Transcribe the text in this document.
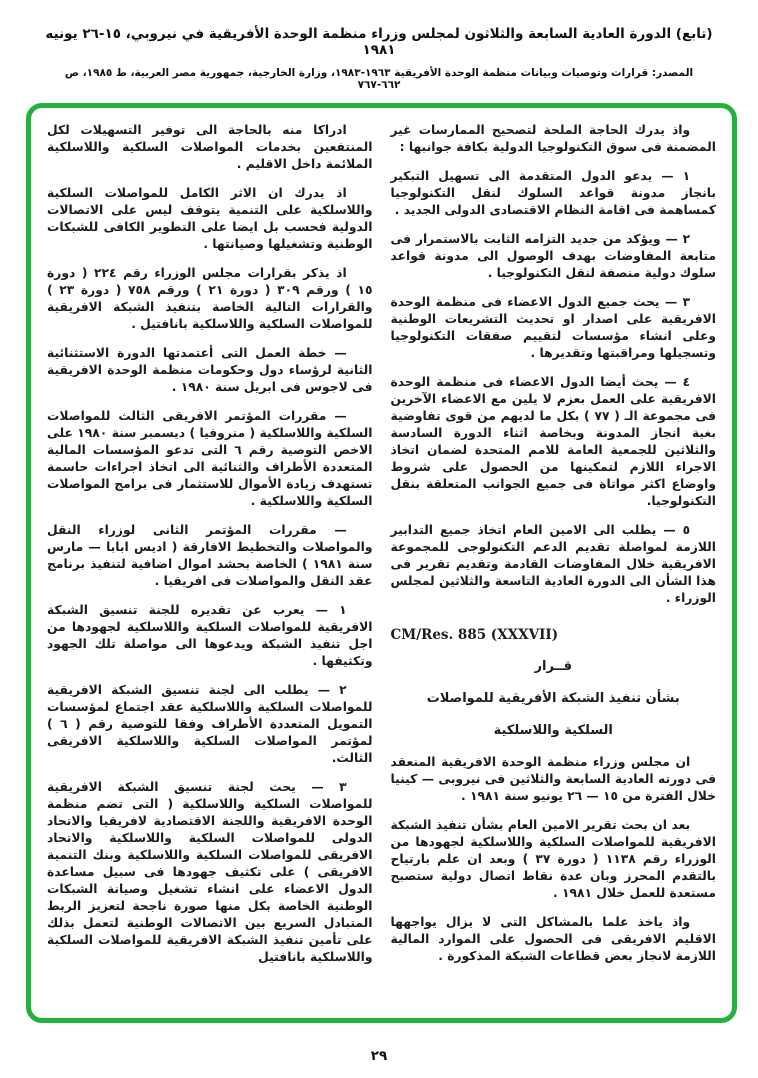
(تابع) الدورة العادية السابعة والثلاثون لمجلس وزراء منظمة الوحدة الأفريقية في نيروبي، ١٥-٢٦ يونيه ١٩٨١
المصدر: قرارات وتوصيات وبيانات منظمة الوحدة الأفريقية ١٩٦٣-١٩٨٣، وزارة الخارجية، جمهورية مصر العربية، ط ١٩٨٥، ص ٦٦٢-٧٦٧

واذ يدرك الحاجة الملحة لتصحيح الممارسات غير المضمنة فى سوق التكنولوجيا الدولية بكافة جوانبها :

١ — يدعو الدول المتقدمة الى تسهيل التبكير بانجاز مدونة قواعد السلوك لنقل التكنولوجيا كمساهمة فى اقامة النظام الاقتصادى الدولى الجديد .

٢ — ويؤكد من جديد التزامه الثابت بالاستمرار فى متابعة المفاوضات بهدف الوصول الى مدونة قواعد سلوك دولية منصفة لنقل التكنولوجيا .

٣ — يحث جميع الدول الاعضاء فى منظمة الوحدة الافريقية على اصدار او تحديث التشريعات الوطنية وعلى انشاء مؤسسات لتقييم صفقات التكنولوجيا وتسجيلها ومراقبتها وتقديرها .

٤ — يحث أيضا الدول الاعضاء فى منظمة الوحدة الافريقية على العمل بعزم لا يلين مع الاعضاء الآخرين فى مجموعة الـ ( ٧٧ ) بكل ما لديهم من قوى تفاوضية بغية انجاز المدونة وبخاصة اثناء الدورة السادسة والثلاثين للجمعية العامة للامم المتحدة لضمان اتخاذ الاجراء اللازم لتمكينها من الحصول على شروط واوضاع اكثر مواتاة فى جميع الجوانب المتعلقة بنقل التكنولوجيا.

٥ — يطلب الى الامين العام اتخاذ جميع التدابير اللازمة لمواصلة تقديم الدعم التكنولوجى للمجموعة الافريقية خلال المفاوضات القادمة وتقديم تقرير فى هذا الشأن الى الدورة العادية التاسعة والثلاثين لمجلس الوزراء .

CM/Res. 885 (XXXVII)

قــرار

بشأن تنفيذ الشبكة الأفريقية للمواصلات

السلكية واللاسلكية

ان مجلس وزراء منظمة الوحدة الافريقية المنعقد فى دورته العادية السابعة والثلاثين فى نيروبى — كينيا خلال الفترة من ١٥ — ٢٦ يونيو سنة ١٩٨١ .

بعد ان بحث تقرير الامين العام بشأن تنفيذ الشبكة الافريقية للمواصلات السلكية واللاسلكية لجهودها من الوزراء رقم ١١٣٨ ( دورة ٣٧ ) وبعد ان علم بارتياح بالتقدم المحرز وبان عدة نقاط اتصال دولية ستصبح مستعدة للعمل خلال ١٩٨١ .

واذ ياخذ علما بالمشاكل التى لا يزال يواجهها الاقليم الافريقى فى الحصول على الموارد المالية اللازمة لانجاز بعض قطاعات الشبكة المذكورة .

ادراكا منه بالحاجة الى توفير التسهيلات لكل المنتفعين بخدمات المواصلات السلكية واللاسلكية الملائمة داخل الاقليم .

اذ يدرك ان الاثر الكامل للمواصلات السلكية واللاسلكية على التنمية يتوقف ليس على الاتصالات الدولية فحسب بل ايضا على التطوير الكافى للشبكات الوطنية وتشغيلها وصيانتها .

اذ يذكر بقرارات مجلس الوزراء رقم ٢٢٤ ( دورة ١٥ ) ورقم ٣٠٩ ( دورة ٢١ ) ورقم ٧٥٨ ( دورة ٢٣ ) والقرارات التالية الخاصة بتنفيذ الشبكة الافريقية للمواصلات السلكية واللاسلكية بانافتيل .

— خطة العمل التى أعتمدتها الدورة الاستثنائية الثانية لرؤساء دول وحكومات منظمة الوحدة الافريقية فى لاجوس فى ابريل سنة ١٩٨٠ .

— مقررات المؤتمر الافريقى الثالث للمواصلات السلكية واللاسلكية ( منروفيا ) ديسمبر سنة ١٩٨٠ على الاخص التوصية رقم ٦ التى تدعو المؤسسات المالية المتعددة الأطراف والثنائية الى اتخاذ اجراءات حاسمة تستهدف زيادة الأموال للاستثمار فى برامج المواصلات السلكية واللاسلكية .

— مقررات المؤتمر الثانى لوزراء النقل والمواصلات والتخطيط الافارقة ( اديس ابابا — مارس سنة ١٩٨١ ) الخاصة بحشد اموال اضافية لتنفيذ برنامج عقد النقل والمواصلات فى افريقيا .

١ — يعرب عن تقديره للجنة تنسيق الشبكة الافريقية للمواصلات السلكية واللاسلكية لجهودها من اجل تنفيذ الشبكة ويدعوها الى مواصلة تلك الجهود وتكثيفها .

٢ — يطلب الى لجنة تنسيق الشبكة الافريقية للمواصلات السلكية واللاسلكية عقد اجتماع لمؤسسات التمويل المتعددة الأطراف وفقا للتوصية رقم ( ٦ ) لمؤتمر المواصلات السلكية واللاسلكية الافريقى الثالث.

٣ — يحث لجنة تنسيق الشبكة الافريقية للمواصلات السلكية واللاسلكية ( التى تضم منظمة الوحدة الافريقية واللجنة الاقتصادية لافريقيا والاتحاد الدولى للمواصلات السلكية واللاسلكية والاتحاد الافريقى للمواصلات السلكية واللاسلكية وبنك التنمية الافريقى ) على تكثيف جهودها فى سبيل مساعدة الدول الاعضاء على انشاء تشغيل وصيانة الشبكات الوطنية الخاصة بكل منها صورة ناجحة لتعزيز الربط المتبادل السريع بين الاتصالات الوطنية لتعمل بذلك على تأمين تنفيذ الشبكة الافريقية للمواصلات السلكية واللاسلكية بانافتيل

٢٩
